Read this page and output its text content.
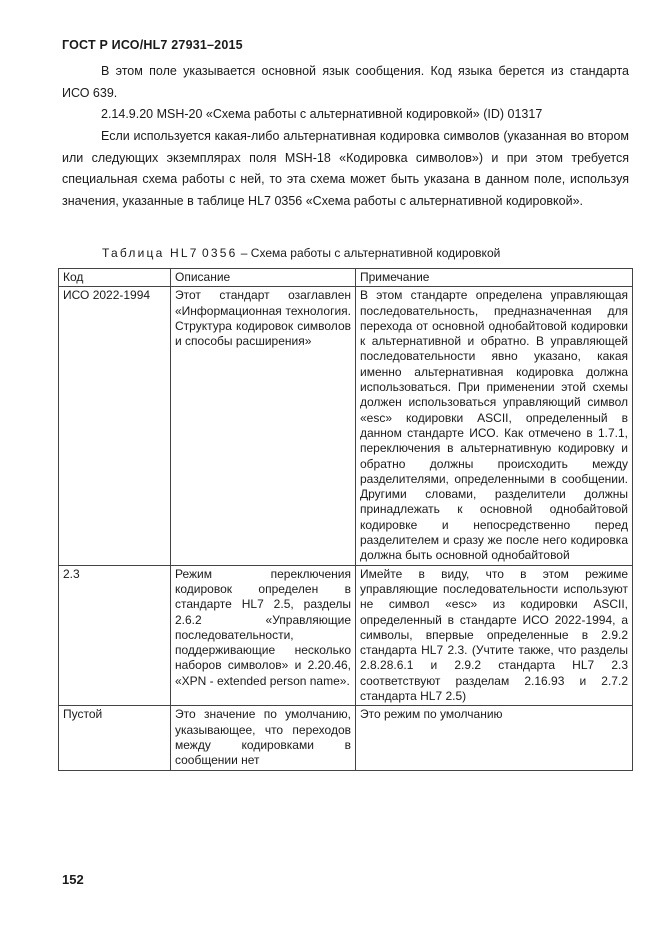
ГОСТ Р ИСО/HL7 27931–2015

В этом поле указывается основной язык сообщения. Код языка берется из стандарта ИСО 639.

2.14.9.20 MSH-20 «Схема работы с альтернативной кодировкой» (ID) 01317

Если используется какая-либо альтернативная кодировка символов (указанная во втором или следующих экземплярах поля MSH-18 «Кодировка символов») и при этом требуется специальная схема работы с ней, то эта схема может быть указана в данном поле, используя значения, указанные в таблице HL7 0356 «Схема работы с альтернативной кодировкой».

Таблица HL7 0356 – Схема работы с альтернативной кодировкой
Код	Описание	Примечание
ИСО 2022-1994	Этот стандарт озаглавлен «Информационная технология. Структура кодировок символов и способы расширения»	В этом стандарте определена управляющая последовательность, предназначенная для перехода от основной однобайтовой кодировки к альтернативной и обратно. В управляющей последовательности явно указано, какая именно альтернативная кодировка должна использоваться. При применении этой схемы должен использоваться управляющий символ «esc» кодировки ASCII, определенный в данном стандарте ИСО. Как отмечено в 1.7.1, переключения в альтернативную кодировку и обратно должны происходить между разделителями, определенными в сообщении. Другими словами, разделители должны принадлежать к основной однобайтовой кодировке и непосредственно перед разделителем и сразу же после него кодировка должна быть основной однобайтовой
2.3	Режим переключения кодировок определен в стандарте HL7 2.5, разделы 2.6.2 «Управляющие последовательности, поддерживающие несколько наборов символов» и 2.20.46, «XPN - extended person name».	Имейте в виду, что в этом режиме управляющие последовательности используют не символ «esc» из кодировки ASCII, определенный в стандарте ИСО 2022-1994, а символы, впервые определенные в 2.9.2 стандарта HL7 2.3. (Учтите также, что разделы 2.8.28.6.1 и 2.9.2 стандарта HL7 2.3 соответствуют разделам 2.16.93 и 2.7.2 стандарта HL7 2.5)
Пустой	Это значение по умолчанию, указывающее, что переходов между кодировками в сообщении нет	Это режим по умолчанию
152
